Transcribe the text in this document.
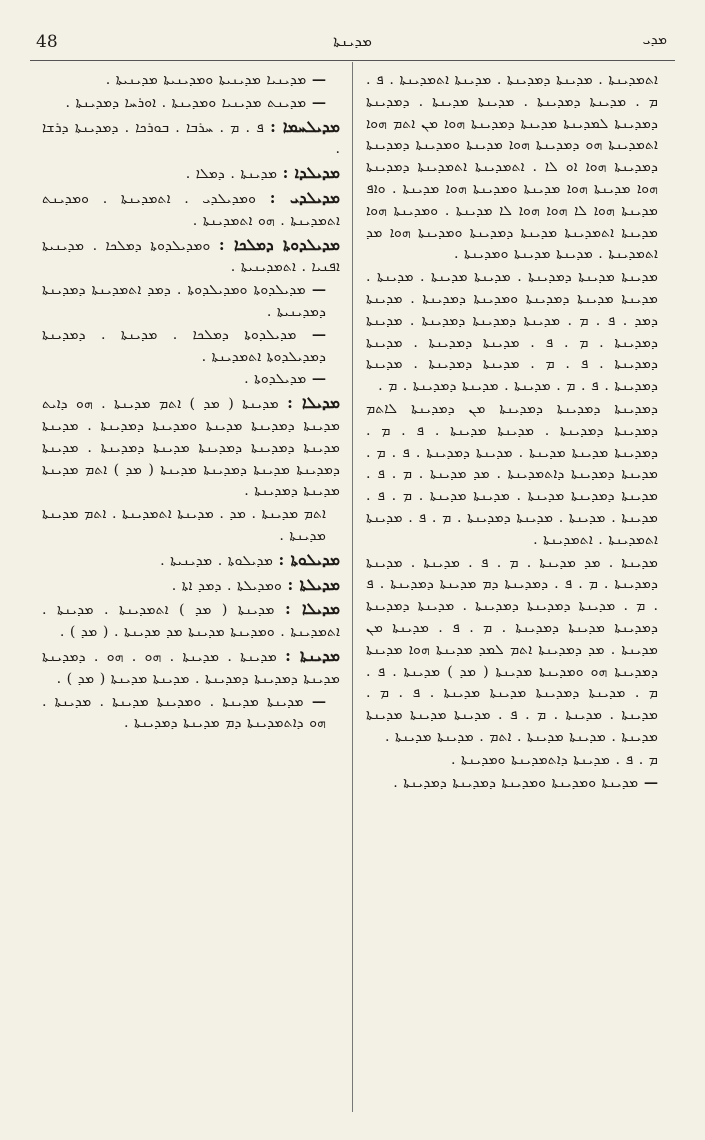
48	ܡܕܝܢܬܐ	ܡܕܝ
ܐܬܡܕܝܢܬܐ . ܡܕܝܢܬܐ ܕܡܕܝܢܬܐ . ܡܕܝܢܬܐ ܐܬܡܕܝܢܬܐ . ܦ . ܡ . ܡܕܝܢܬܐ ܕܡܕܝܢܬܐ . ܡܕܝܢܬܐ ܡܕܝܢܬܐ . ܕܡܕܝܢܬܐ ܕܡܕܝܢܬܐ ܠܡܕܝܢܬܐ ܡܕܝܢܬܐ ܕܡܕܝܢܬܐ ܗܘܐ ܡܢ ܐܬܡ ܗܘܐ ܐܬܡܕܝܢܬܐ ܗܘ ܕܡܕܝܢܬܐ ܗܘܐ ܡܕܝܢܬܐ ܘܡܕܝܢܬܐ ܕܡܕܝܢܬܐ ܕܡܕܝܢܬܐ ܗܘܐ ܐܘ ܠܐ . ܐܬܡܕܝܢܬܐ ܐܬܡܕܝܢܬܐ ܕܡܕܝܢܬܐ ܗܘܐ ܡܕܝܢܬܐ ܗܘܐ ܡܕܝܢܬܐ ܘܡܕܝܢܬܐ ܗܘܐ ܡܕܝܢܬܐ . ܘܐܦ ܡܕܝܢܬܐ ܗܘܐ ܠܐ ܗܘܐ ܗܘܐ ܠܐ ܡܕܝܢܬܐ . ܘܡܕܝܢܬܐ ܗܘܐ ܡܕܝܢܬܐ ܐܬܡܕܝܢܬܐ ܡܕܝܢܬܐ ܕܡܕܝܢܬܐ ܘܡܕܝܢܬܐ ܗܘܐ ܡܕ ܐܬܡܕܝܢܬܐ . ܡܕܝܢܬܐ ܡܕܝܢܬܐ ܘܡܕܝܢܬܐ .
ܡܕܝܢܬܐ ܡܕܝܢܬܐ ܕܡܕܝܢܬܐ . ܡܕܝܢܬܐ ܡܕܝܢܬܐ . ܡܕܝܢܬܐ . ܡܕܝܢܬܐ ܡܕܝܢܬܐ ܕܡܕܝܢܬܐ ܘܡܕܝܢܬܐ ܕܡܕܝܢܬܐ . ܡܕܝܢܬܐ ܕܡܕ . ܦ . ܡ . ܡܕܝܢܬܐ ܕܡܕܝܢܬܐ ܕܡܕܝܢܬܐ . ܡܕܝܢܬܐ ܕܡܕܝܢܬܐ . ܡ . ܦ . ܡܕܝܢܬܐ ܕܡܕܝܢܬܐ . ܡܕܝܢܬܐ ܕܡܕܝܢܬܐ . ܦ . ܡ . ܡܕܝܢܬܐ ܕܡܕܝܢܬܐ . ܡܕܝܢܬܐ ܕܡܕܝܢܬܐ . ܦ . ܡ . ܡܕܝܢܬܐ . ܡܕܝܢܬܐ ܕܡܕܝܢܬܐ . ܡ .
ܕܡܕܝܢܬܐ ܕܡܕܝܢܬܐ ܕܡܕܝܢܬܐ ܡܢ ܕܡܕܝܢܬܐ ܠܐܬܡ ܕܡܕܝܢܬܐ ܕܡܕܝܢܬܐ . ܡܕܝܢܬܐ ܡܕܝܢܬܐ . ܦ . ܡ . ܕܡܕܝܢܬܐ ܡܕܝܢܬܐ ܡܕܝܢܬܐ . ܡܕܝܢܬܐ ܕܡܕܝܢܬܐ . ܦ . ܡ . ܡܕܝܢܬܐ ܕܡܕܝܢܬܐ ܕܐܬܡܕܝܢܬܐ . ܡܕ ܡܕܝܢܬܐ . ܡ . ܦ . ܡܕܝܢܬܐ ܕܡܕܝܢܬܐ ܡܕܝܢܬܐ . ܡܕܝܢܬܐ ܡܕܝܢܬܐ . ܡ . ܦ . ܡܕܝܢܬܐ . ܡܕܝܢܬܐ . ܡܕܝܢܬܐ ܕܡܕܝܢܬܐ . ܡ . ܦ . ܡܕܝܢܬܐ ܐܬܡܕܝܢܬܐ . ܐܬܡܕܝܢܬܐ .
ܡܕܝܢܬܐ . ܡܕ ܡܕܝܢܬܐ . ܡ . ܦ . ܡܕܝܢܬܐ . ܡܕܝܢܬܐ ܕܡܕܝܢܬܐ . ܡ . ܦ . ܕܡܕܝܢܬܐ ܕܡ ܡܕܝܢܬܐ ܕܡܕܝܢܬܐ . ܦ . ܡ . ܡܕܝܢܬܐ ܕܡܕܝܢܬܐ ܕܡܕܝܢܬܐ . ܡܕܝܢܬܐ ܕܡܕܝܢܬܐ ܕܡܕܝܢܬܐ ܡܕܝܢܬܐ ܕܡܕܝܢܬܐ . ܡ . ܦ . ܡܕܝܢܬܐ ܡܢ ܡܕܝܢܬܐ . ܡܕ ܕܡܕܝܢܬܐ ܐܬܡ ܠܡܕ ܡܕܝܢܬܐ ܗܘܐ ܡܕܝܢܬܐ ܕܡܕܝܢܬܐ ܗܘ ܘܡܕܝܢܬܐ ܡܕܝܢܬܐ ( ܡܕ ) ܡܕܝܢܬܐ . ܦ . ܡ . ܡܕܝܢܬܐ ܕܡܕܝܢܬܐ ܡܕܝܢܬܐ ܡܕܝܢܬܐ . ܦ . ܡ . ܡܕܝܢܬܐ . ܡܕܝܢܬܐ . ܡ . ܦ . ܡܕܝܢܬܐ ܡܕܝܢܬܐ ܡܕܝܢܬܐ ܡܕܝܢܬܐ . ܡܕܝܢܬܐ ܡܕܝܢܬܐ . ܐܬܡ . ܡܕܝܢܬܐ ܡܕܝܢܬܐ .
ܡ . ܦ . ܡܕܝܢܬܐ ܕܐܬܡܕܝܢܬܐ ܘܡܕܝܢܬܐ .
— ܡܕܝܢܬܐ ܘܡܕܝܢܬܐ ܘܡܕܝܢܬܐ ܕܡܕܝܢܬܐ ܕܡܕܝܢܬܐ .
— ܡܕܝܢܝܐ ܡܕܝܢܝܬܐ ܘܡܕܝܢܝܬܐ ܡܕܝܢܝܬܐ .
— ܡܕܝܢܬ ܡܕܝܢܝܐ ܘܡܕܝܢܬܐ . ܐܘܪܚܐ ܕܡܕܝܢܬܐ .
ܡܕܝܠܚܡܐ : ܦ . ܡ . ܚܪܒܐ . ܒܘܪܟܐ . ܕܡܕܝܢܬܐ ܕܪܫܐ .
ܡܕܝܠܕܐ : ܡܕܝܢܬܐ . ܕܡܠܐ .
ܡܕܝܠܕܝ : ܘܡܕܝܠܕܝ . ܐܬܡܕܝܢܬܐ . ܘܡܕܝܢܬ ܐܬܡܕܝܢܬܐ . ܗܘ ܐܬܡܕܝܢܬܐ .
ܡܕܝܠܕܘܬܐ ܕܡܠܟܐ : ܘܡܕܝܠܕܘܬܐ ܕܡܠܟܐ . ܡܕܝܢܝܬܐ ܐܦܢܝܐ . ܐܬܡܕܝܢܝܬܐ .
— ܡܕܝܠܕܘܬܐ ܘܡܕܝܠܕܘܬܐ . ܕܡܕ ܐܬܡܕܝܢܬܐ ܕܡܕܝܢܬܐ ܕܡܕܝܢܝܬܐ .
— ܡܕܝܠܕܘܬܐ ܕܡܠܟܐ . ܡܕܝܢܬܐ . ܕܡܕܝܢܬܐ ܕܡܕܝܠܕܘܬܐ ܐܬܡܕܝܢܬܐ .
— ܡܕܝܠܕܘܬܐ .
ܡܕܝܠܐ : ܡܕܝܢܬܐ ( ܡܕ ) ܐܬܡ ܡܕܝܢܬܐ . ܗܘ ܕܐܝܬ ܡܕܝܢܬܐ ܕܡܕܝܢܬܐ ܡܕܝܢܬܐ ܘܡܕܝܢܬܐ ܕܡܕܝܢܬܐ . ܡܕܝܢܬܐ ܡܕܝܢܬܐ ܕܡܕܝܢܬܐ ܕܡܕܝܢܬܐ ܡܕܝܢܬܐ ܕܡܕܝܢܬܐ . ܡܕܝܢܬܐ ܕܡܕܝܢܬܐ ܡܕܝܢܬܐ ܕܡܕܝܢܬܐ ܡܕܝܢܬܐ ( ܡܕ ) ܐܬܡ ܡܕܝܢܬܐ ܡܕܝܢܬܐ ܕܡܕܝܢܬܐ .
ܐܬܡ ܡܕܝܢܬܐ . ܡܕ . ܡܕܝܢܬܐ ܐܬܡܕܝܢܬܐ . ܐܬܡ ܡܕܝܢܬܐ ܡܕܝܢܬܐ .
ܡܕܝܠܘܬܐ : ܡܕܝܠܘܬܐ . ܡܕܝܢܝܬܐ .
ܡܕܝܠܬܐ : ܘܡܕܝܠܬܐ . ܕܡܕ ܐܬܐ .
ܡܕܝܠܐ : ܡܕܝܢܬܐ ( ܡܕ ) ܐܬܡܕܝܢܬܐ . ܡܕܝܢܬܐ . ܐܬܡܕܝܢܬܐ . ܘܡܕܝܢܬܐ ܡܕܝܢܬܐ ܡܕ ܡܕܝܢܬܐ . ( ܡܕ ) .
ܡܕܝܢܬܐ : ܡܕܝܢܬܐ . ܡܕܝܢܬܐ . ܗܘ . ܗܘ . ܕܡܕܝܢܬܐ ܡܕܝܢܬܐ ܕܡܕܝܢܬܐ ܕܡܕܝܢܬܐ . ܡܕܝܢܬܐ ܡܕܝܢܬܐ ( ܡܕ ) .
— ܡܕܝܢܬܐ ܡܕܝܢܬܐ . ܘܡܕܝܢܬܐ ܡܕܝܢܬܐ . ܡܕܝܢܬܐ . ܗܘ ܕܐܬܡܕܝܢܬܐ ܕܡ ܡܕܝܢܬܐ ܕܡܕܝܢܬܐ .
